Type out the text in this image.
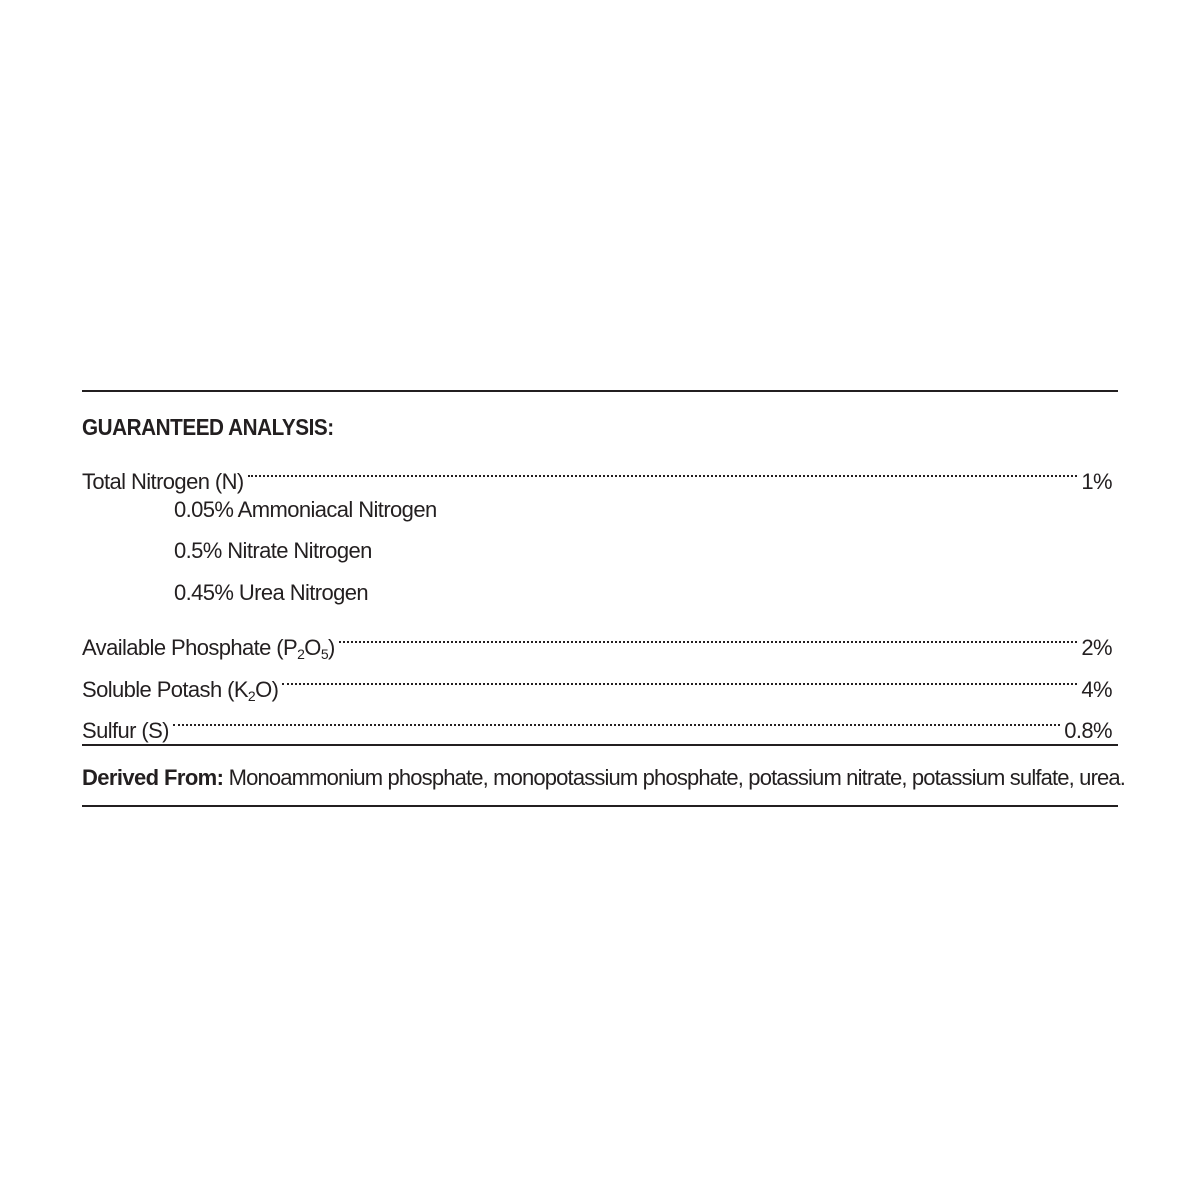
GUARANTEED ANALYSIS:
Total Nitrogen (N)	1%
0.05% Ammoniacal Nitrogen
0.5% Nitrate Nitrogen
0.45% Urea Nitrogen
Available Phosphate $(P_2O_5)$	2%
Soluble Potash $(K_2O)$	4%
Sulfur (S)	0.8%
Derived From: Monoammonium phosphate, monopotassium phosphate, potassium nitrate, potassium sulfate, urea.
